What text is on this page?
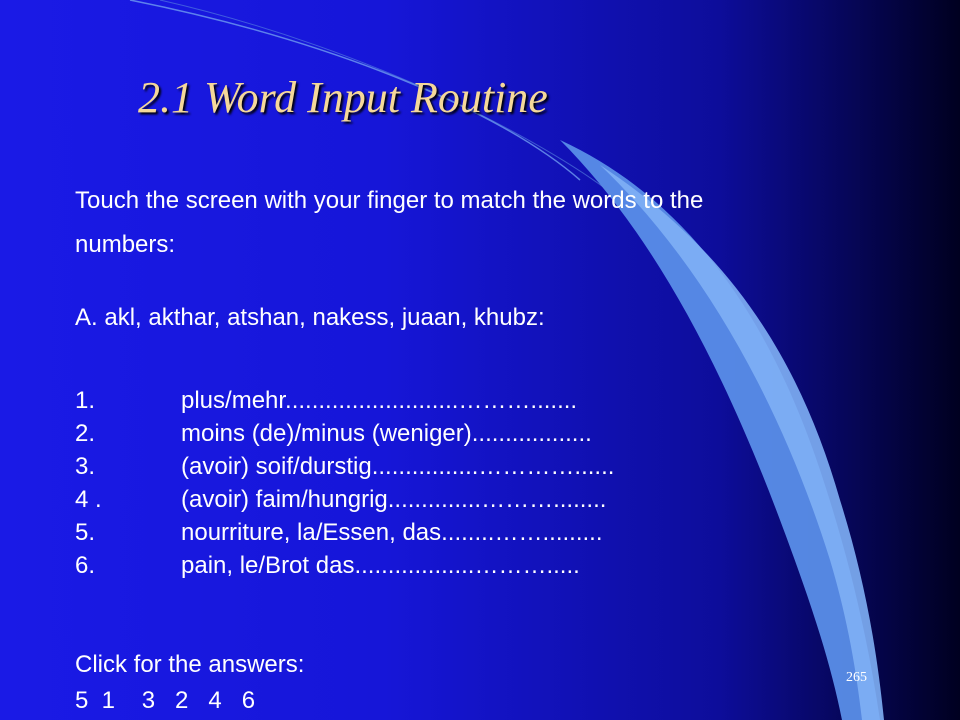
2.1 Word Input Routine
Touch the screen with your finger to match the words to the
numbers:
A. akl, akthar, atshan, nakess, juaan, khubz:
1.	plus/mehr..........................……….......
2.	moins (de)/minus (weniger)..................
3.	(avoir) soif/durstig................…………......
4 .	(avoir) faim/hungrig..............………........
5.	nourriture, la/Essen, das........…….........
6.	pain, le/Brot das..................……….....
Click for the answers:
5  1    3   2   4   6
265
